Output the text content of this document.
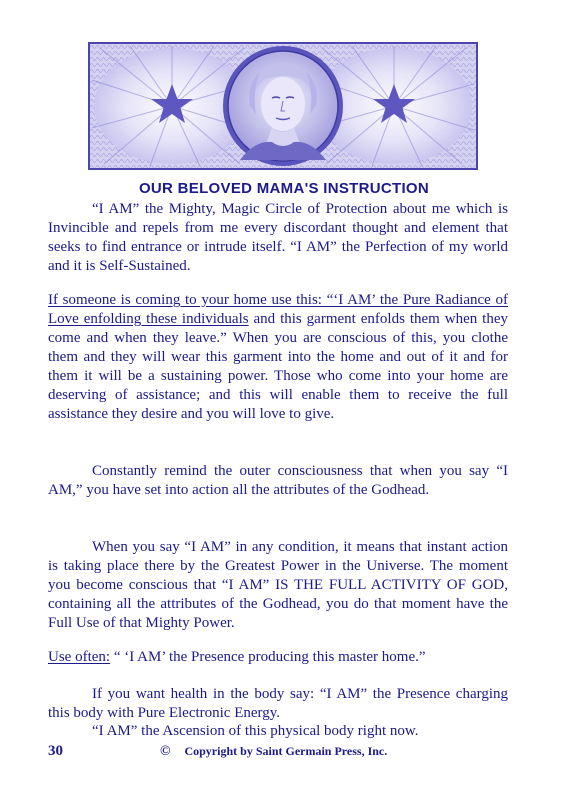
OUR BELOVED MAMA'S INSTRUCTION

“I AM” the Mighty, Magic Circle of Protection about me which is Invincible and repels from me every discordant thought and element that seeks to find entrance or intrude itself. “I AM” the Perfection of my world and it is Self-Sustained.

If someone is coming to your home use this: “‘I AM’ the Pure Radiance of Love enfolding these individuals and this garment enfolds them when they come and when they leave.” When you are conscious of this, you clothe them and they will wear this garment into the home and out of it and for them it will be a sustaining power. Those who come into your home are deserving of assistance; and this will enable them to receive the full assistance they desire and you will love to give.

Constantly remind the outer consciousness that when you say “I AM,” you have set into action all the attributes of the Godhead.

When you say “I AM” in any condition, it means that instant action is taking place there by the Greatest Power in the Universe. The moment you become conscious that “I AM” IS THE FULL ACTIVITY OF GOD, containing all the attributes of the Godhead, you do that moment have the Full Use of that Mighty Power.

Use often: “ ‘I AM’ the Presence producing this master home.”

If you want health in the body say: “I AM” the Presence charging this body with Pure Electronic Energy.

“I AM” the Ascension of this physical body right now.

30	© Copyright by Saint Germain Press, Inc.
